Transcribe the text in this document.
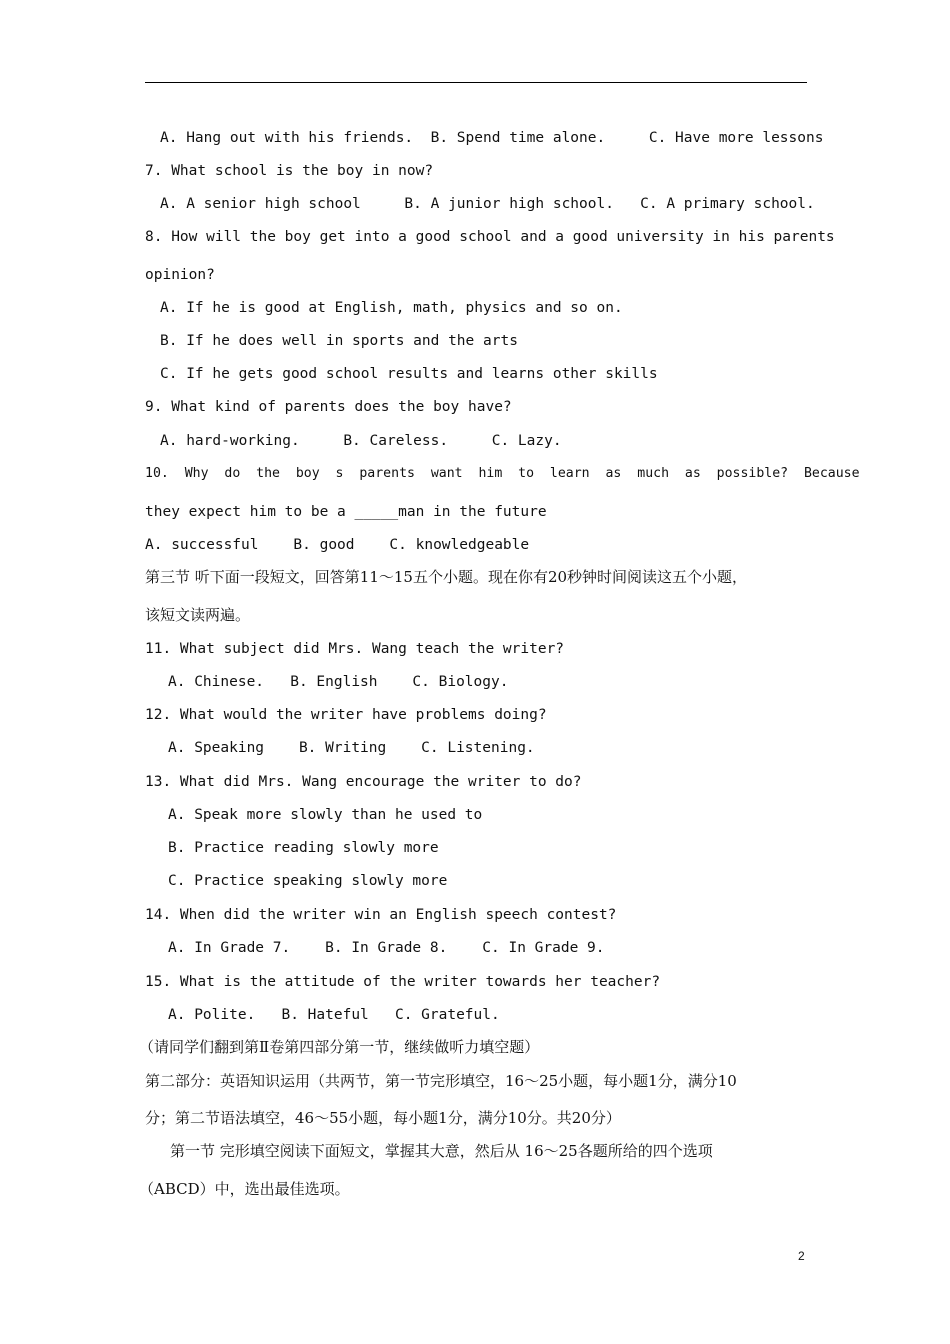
A. Hang out with his friends.  B. Spend time alone.     C. Have more lessons
7. What school is the boy in now?
A. A senior high school     B. A junior high school.   C. A primary school.
8. How will the boy get into a good school and a good university in his parents
opinion?
A. If he is good at English, math, physics and so on.
B. If he does well in sports and the arts
C. If he gets good school results and learns other skills
9. What kind of parents does the boy have?
A. hard-working.     B. Careless.     C. Lazy.
10.  Why  do  the  boy  s  parents  want  him  to  learn  as  much  as  possible?  Because
they expect him to be a _____man in the future
A. successful    B. good    C. knowledgeable
第三节 听下面一段短文，回答第11～15五个小题。现在你有20秒钟时间阅读这五个小题，
该短文读两遍。
11. What subject did Mrs. Wang teach the writer?
A. Chinese.   B. English    C. Biology.
12. What would the writer have problems doing?
A. Speaking    B. Writing    C. Listening.
13. What did Mrs. Wang encourage the writer to do?
A. Speak more slowly than he used to
B. Practice reading slowly more
C. Practice speaking slowly more
14. When did the writer win an English speech contest?
A. In Grade 7.    B. In Grade 8.    C. In Grade 9.
15. What is the attitude of the writer towards her teacher?
A. Polite.   B. Hateful   C. Grateful.
（请同学们翻到第Ⅱ卷第四部分第一节，继续做听力填空题）
第二部分：英语知识运用（共两节，第一节完形填空，16～25小题，每小题1分，满分10
分；第二节语法填空，46～55小题，每小题1分，满分10分。共20分）
第一节 完形填空阅读下面短文，掌握其大意，然后从 16～25各题所给的四个选项
（ABCD）中，选出最佳选项。
2
